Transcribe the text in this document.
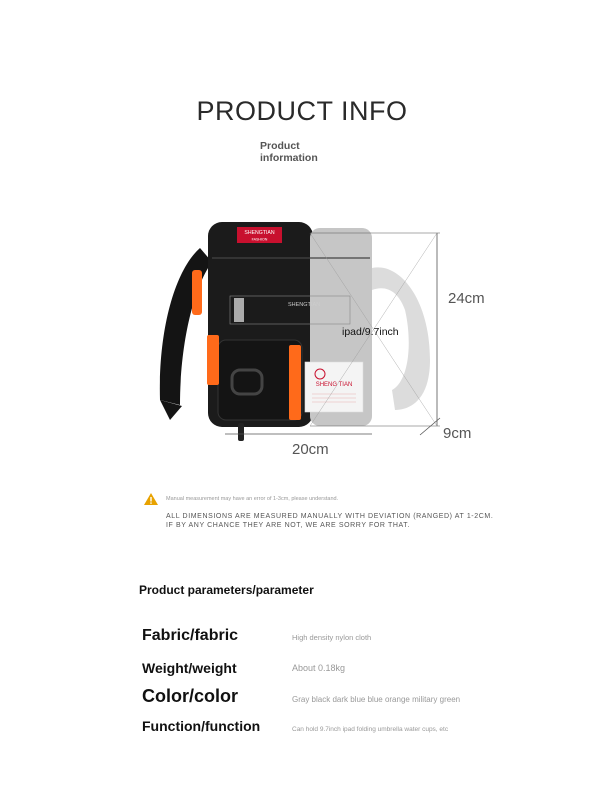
PRODUCT INFO
Product
information
SHENGTIAN
FASHION
SHENGTIAN
SHENG TIAN
24cm
9cm
20cm
ipad/9.7inch
Manual measurement may have an error of 1-3cm, please understand.
ALL DIMENSIONS ARE MEASURED MANUALLY WITH DEVIATION (RANGED) AT 1-2CM.
IF BY ANY CHANCE THEY ARE NOT, WE ARE SORRY FOR THAT.
Product parameters/parameter
Fabric/fabric	High density nylon cloth
Weight/weight	About 0.18kg
Color/color	Gray black dark blue blue orange military green
Function/function	Can hold 9.7inch ipad folding umbrella water cups, etc
